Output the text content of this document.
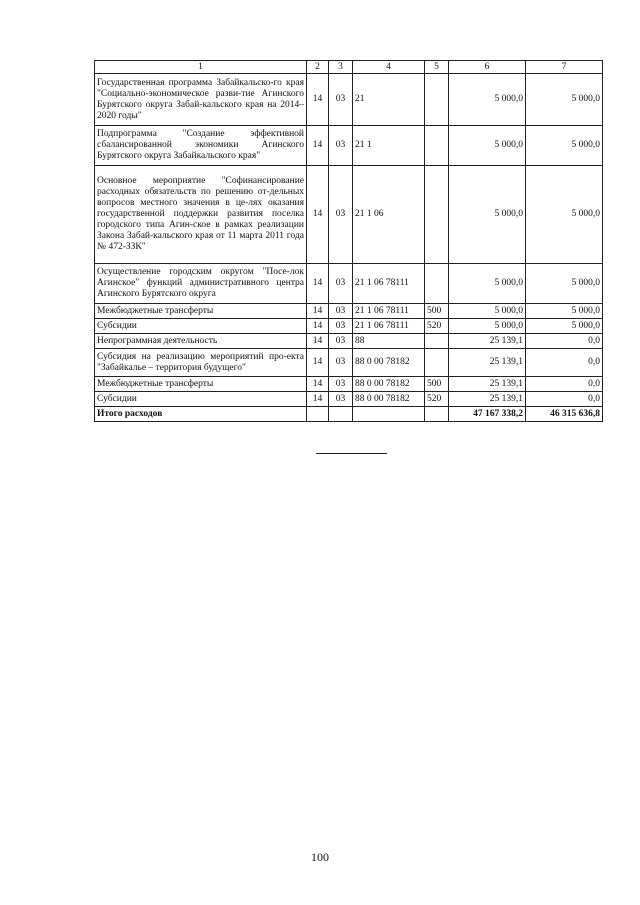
1	2	3	4	5	6	7
Государственная программа Забайкальско-го края "Социально-экономическое разви-тие Агинского Бурятского округа Забай-кальского края на 2014–2020 годы"	14	03	21		5 000,0	5 000,0
Подпрограмма "Создание эффективной сбалансированной экономики Агинского Бурятского округа Забайкальского края"	14	03	21 1		5 000,0	5 000,0
Основное мероприятие "Софинансирование расходных обязательств по решению от-дельных вопросов местного значения в це-лях оказания государственной поддержки развития поселка городского типа Агин-ское в рамках реализации Закона Забай-кальского края от 11 марта 2011 года № 472-ЗЗК"	14	03	21 1 06		5 000,0	5 000,0
Осуществление городским округом "Посе-лок Агинское" функций административного центра Агинского Бурятского округа	14	03	21 1 06 78111		5 000,0	5 000,0
Межбюджетные трансферты	14	03	21 1 06 78111	500	5 000,0	5 000,0
Субсидии	14	03	21 1 06 78111	520	5 000,0	5 000,0
Непрограммная деятельность	14	03	88		25 139,1	0,0
Субсидия на реализацию мероприятий про-екта "Забайкалье – территория будущего"	14	03	88 0 00 78182		25 139,1	0,0
Межбюджетные трансферты	14	03	88 0 00 78182	500	25 139,1	0,0
Субсидии	14	03	88 0 00 78182	520	25 139,1	0,0
Итого расходов					47 167 338,2	46 315 636,8
100
